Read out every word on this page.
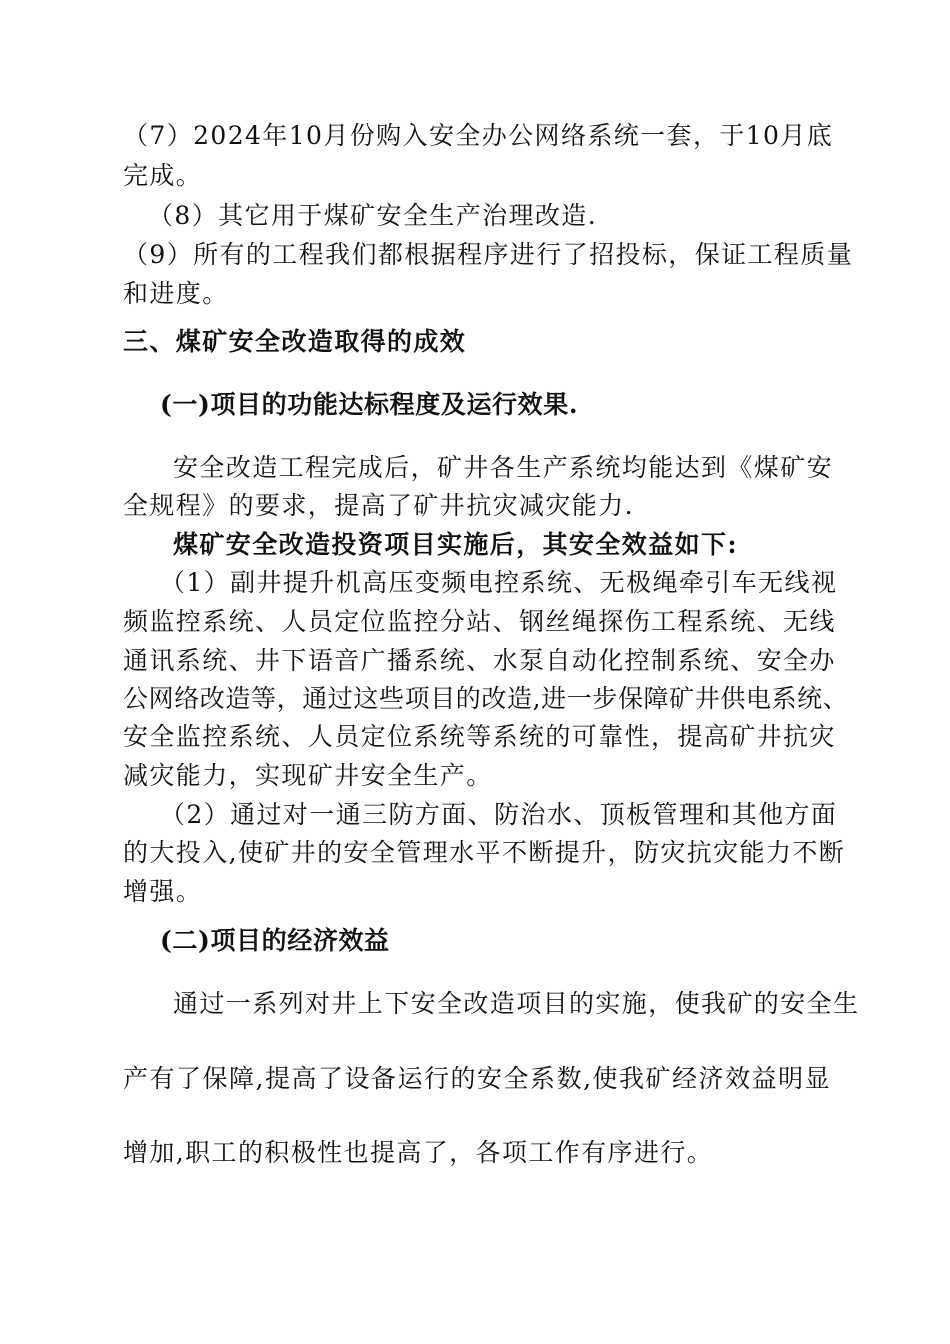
（7）2024年10月份购入安全办公网络系统一套，于10月底
完成。
（8）其它用于煤矿安全生产治理改造.
（9）所有的工程我们都根据程序进行了招投标，保证工程质量
和进度。
三、煤矿安全改造取得的成效
(一)项目的功能达标程度及运行效果.
安全改造工程完成后，矿井各生产系统均能达到《煤矿安
全规程》的要求，提高了矿井抗灾减灾能力.
煤矿安全改造投资项目实施后，其安全效益如下:
（1）副井提升机高压变频电控系统、无极绳牵引车无线视
频监控系统、人员定位监控分站、钢丝绳探伤工程系统、无线
通讯系统、井下语音广播系统、水泵自动化控制系统、安全办
公网络改造等，通过这些项目的改造,进一步保障矿井供电系统、
安全监控系统、人员定位系统等系统的可靠性，提高矿井抗灾
减灾能力，实现矿井安全生产。
（2）通过对一通三防方面、防治水、顶板管理和其他方面
的大投入,使矿井的安全管理水平不断提升，防灾抗灾能力不断
增强。
(二)项目的经济效益
通过一系列对井上下安全改造项目的实施，使我矿的安全生
产有了保障,提高了设备运行的安全系数,使我矿经济效益明显
增加,职工的积极性也提高了，各项工作有序进行。
